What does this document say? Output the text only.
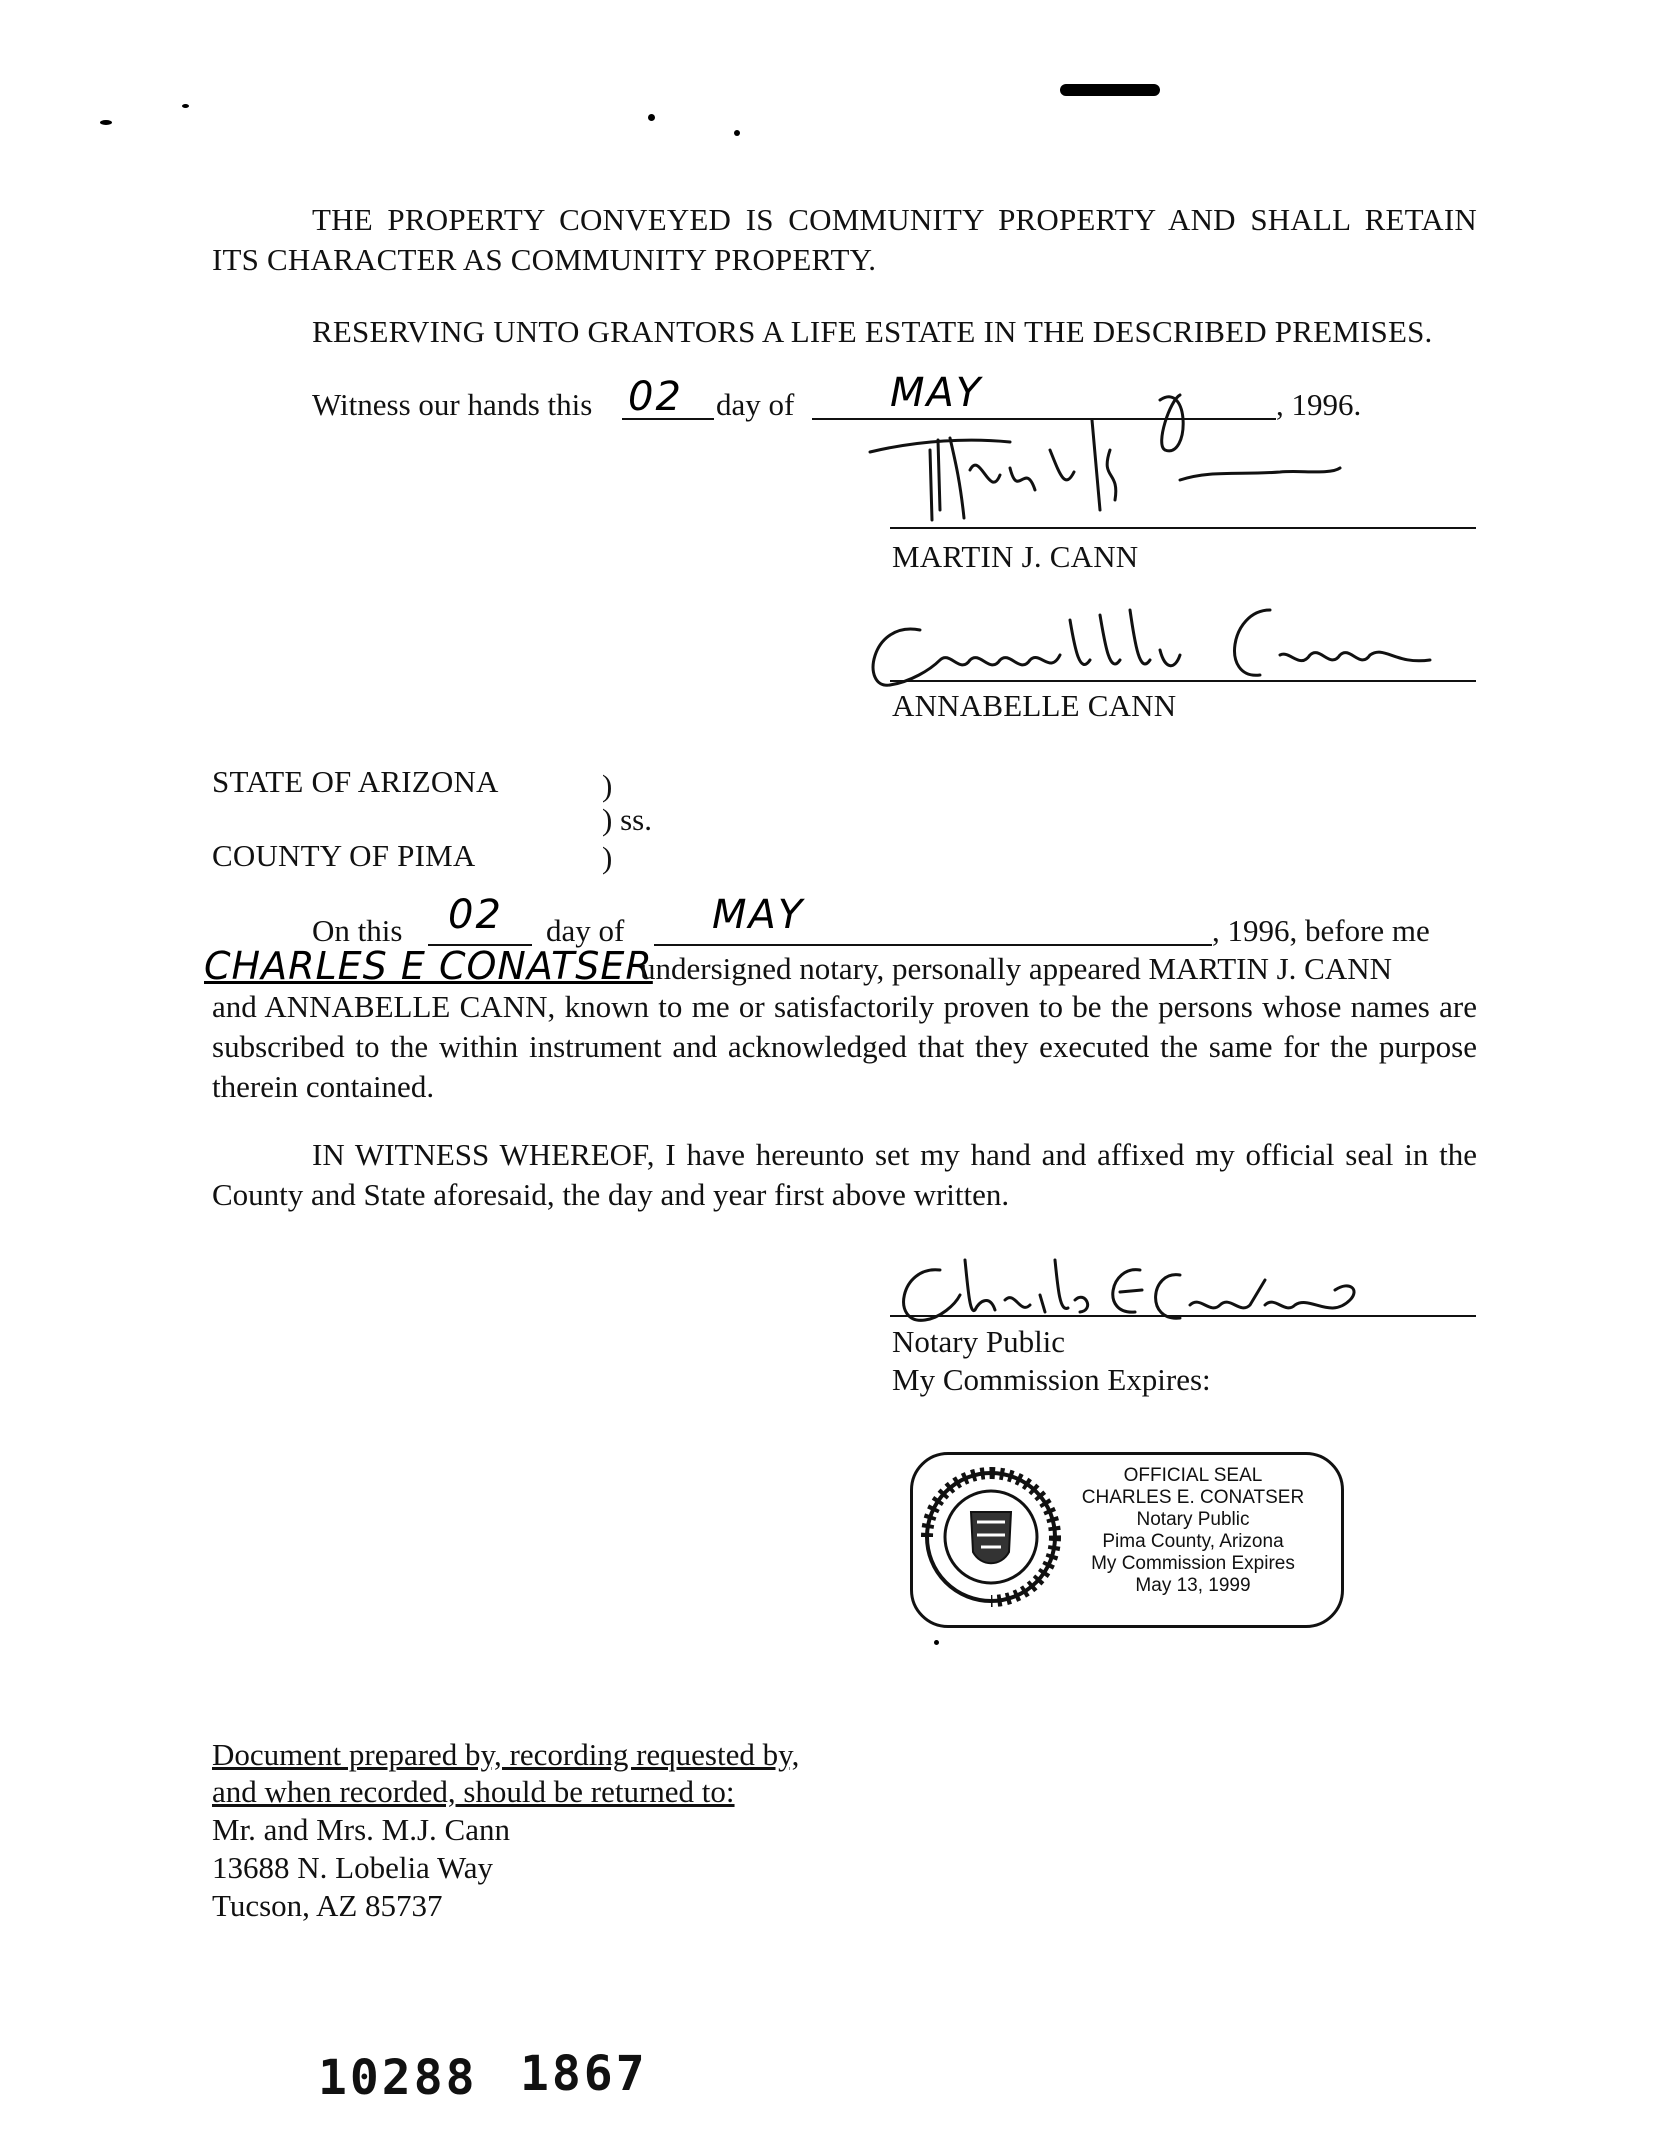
THE PROPERTY CONVEYED IS COMMUNITY PROPERTY AND SHALL RETAIN ITS CHARACTER AS COMMUNITY PROPERTY.
RESERVING UNTO GRANTORS A LIFE ESTATE IN THE DESCRIBED PREMISES.
Witness our hands this 02 day of MAY	, 1996.
MARTIN J. CANN
ANNABELLE CANN
STATE OF ARIZONA	)
) ss.
COUNTY OF PIMA	)
On this 02 day of MAY	, 1996, before me
CHARLES E CONATSER
undersigned notary, personally appeared MARTIN J. CANN
and ANNABELLE CANN, known to me or satisfactorily proven to be the persons whose names are subscribed to the within instrument and acknowledged that they executed the same for the purpose therein contained.
IN WITNESS WHEREOF, I have hereunto set my hand and affixed my official seal in the County and State aforesaid, the day and year first above written.
Notary Public
My Commission Expires:
OFFICIAL SEAL
CHARLES E. CONATSER
Notary Public
Pima County, Arizona
My Commission Expires
May 13, 1999
Document prepared by, recording requested by,
and when recorded, should be returned to:
Mr. and Mrs. M.J. Cann
13688 N. Lobelia Way
Tucson, AZ 85737
10288 1867
